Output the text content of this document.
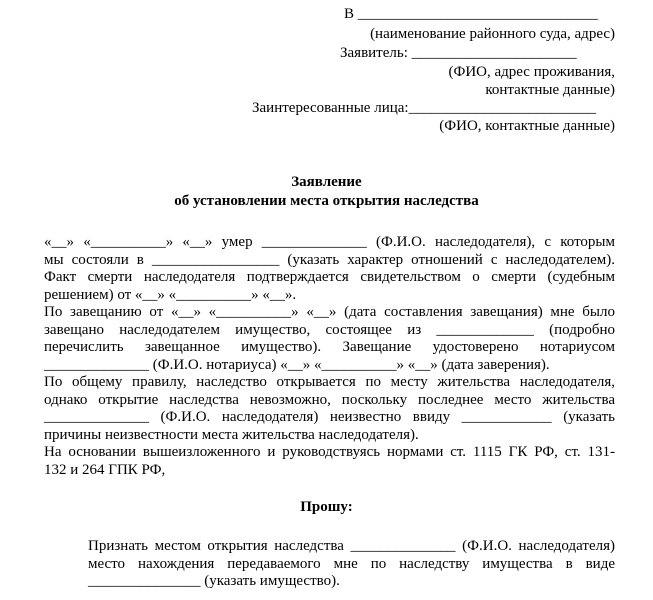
В ________________________________
(наименование районного суда, адрес)
Заявитель: ______________________
(ФИО, адрес проживания,
контактные данные)
Заинтересованные лица:_________________________
(ФИО, контактные данные)
Заявление
об установлении места открытия наследства
«__» «__________» «__» умер ______________ (Ф.И.О. наследодателя), с которым
мы состояли в _________________ (указать характер отношений с наследодателем).
Факт смерти наследодателя подтверждается свидетельством о смерти (судебным
решением) от «__» «__________» «__».
По завещанию от «__» «__________» «__» (дата составления завещания) мне было
завещано наследодателем имущество, состоящее из _____________ (подробно
перечислить завещанное имущество). Завещание удостоверено нотариусом
______________ (Ф.И.О. нотариуса) «__» «__________» «__» (дата заверения).
По общему правилу, наследство открывается по месту жительства наследодателя,
однако открытие наследства невозможно, поскольку последнее место жительства
______________ (Ф.И.О. наследодателя) неизвестно ввиду ____________ (указать
причины неизвестности места жительства наследодателя).
На основании вышеизложенного и руководствуясь нормами ст. 1115 ГК РФ, ст. 131-
132 и 264 ГПК РФ,
Прошу:
Признать местом открытия наследства ______________ (Ф.И.О. наследодателя)
место нахождения передаваемого мне по наследству имущества в виде
_______________ (указать имущество).
